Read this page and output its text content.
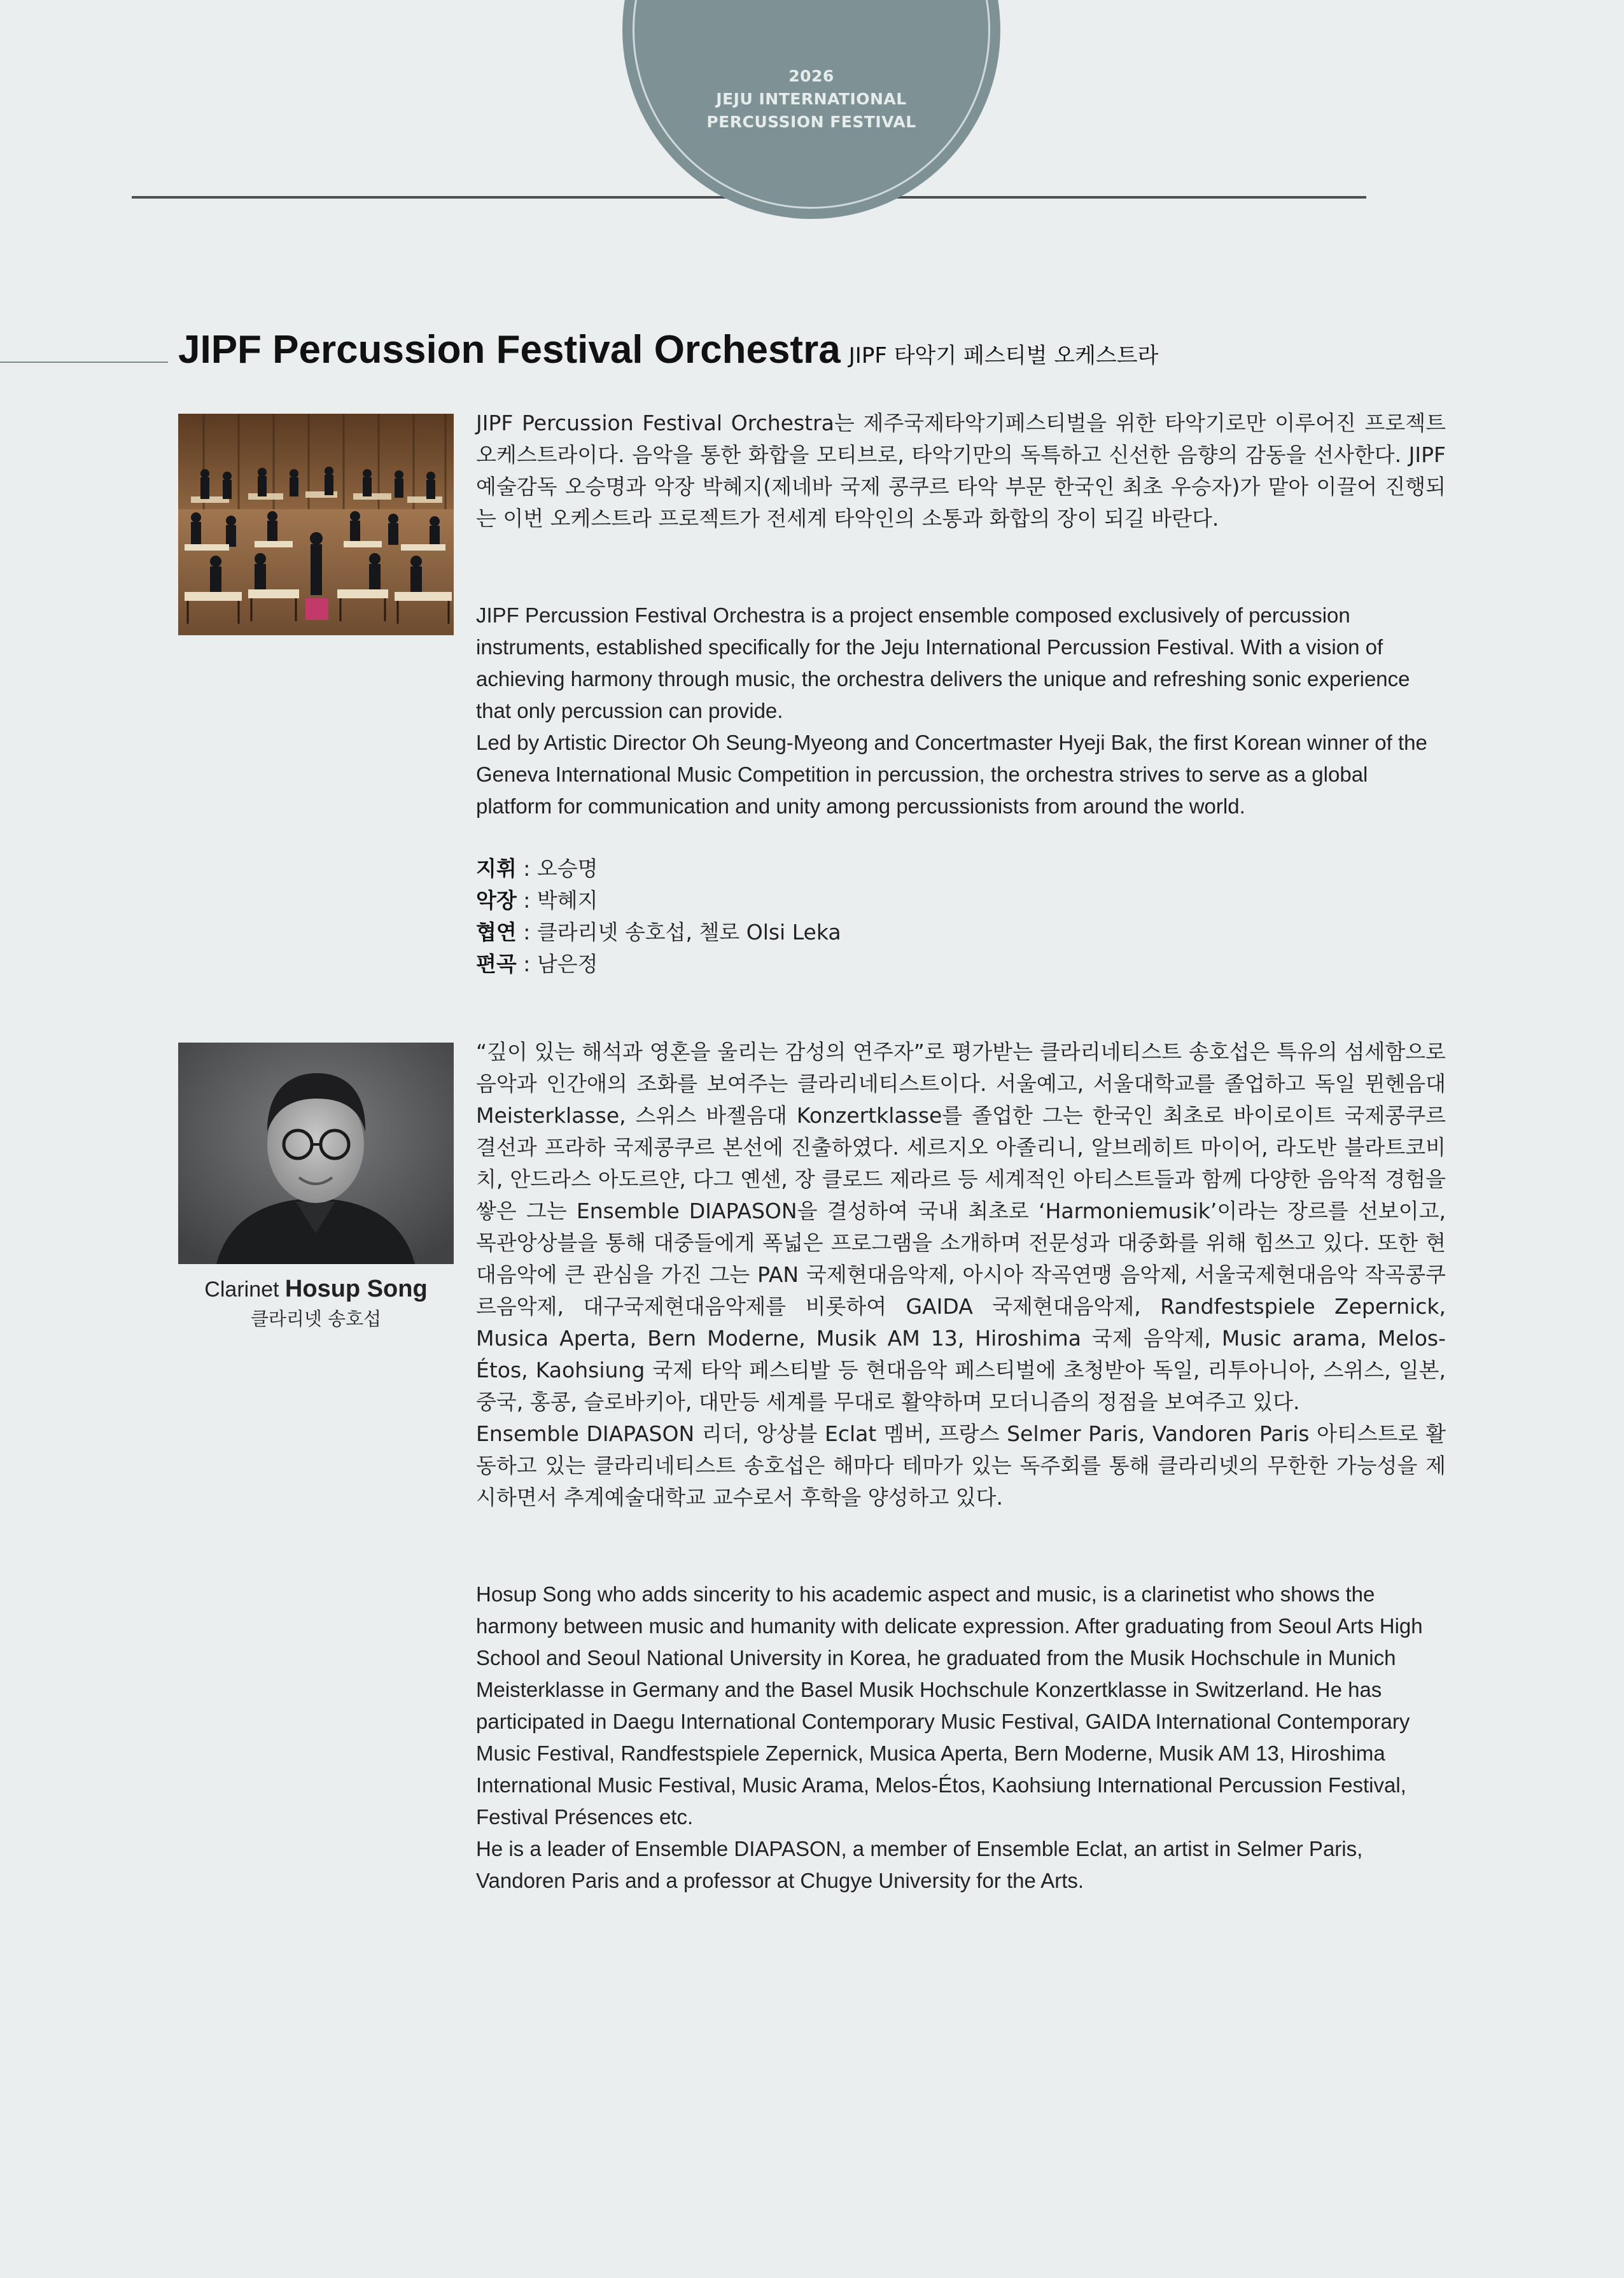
2026
JEJU INTERNATIONAL
PERCUSSION FESTIVAL
JIPF Percussion Festival Orchestra JIPF 타악기 페스티벌 오케스트라

JIPF Percussion Festival Orchestra는 제주국제타악기페스티벌을 위한 타악기로만 이루어진 프로젝트 오케스트라이다. 음악을 통한 화합을 모티브로, 타악기만의 독특하고 신선한 음향의 감동을 선사한다. JIPF 예술감독 오승명과 악장 박혜지(제네바 국제 콩쿠르 타악 부문 한국인 최초 우승자)가 맡아 이끌어 진행되는 이번 오케스트라 프로젝트가 전세계 타악인의 소통과 화합의 장이 되길 바란다.

JIPF Percussion Festival Orchestra is a project ensemble composed exclusively of percussion instruments, established specifically for the Jeju International Percussion Festival. With a vision of achieving harmony through music, the orchestra delivers the unique and refreshing sonic experience that only percussion can provide.

Led by Artistic Director Oh Seung-Myeong and Concertmaster Hyeji Bak, the first Korean winner of the Geneva International Music Competition in percussion, the orchestra strives to serve as a global platform for communication and unity among percussionists from around the world.

지휘 : 오승명
악장 : 박혜지
협연 : 클라리넷 송호섭, 첼로 Olsi Leka
편곡 : 남은정
Clarinet Hosup Song
클라리넷 송호섭

“깊이 있는 해석과 영혼을 울리는 감성의 연주자”로 평가받는 클라리네티스트 송호섭은 특유의 섬세함으로 음악과 인간애의 조화를 보여주는 클라리네티스트이다. 서울예고, 서울대학교를 졸업하고 독일 뮌헨음대 Meisterklasse, 스위스 바젤음대 Konzertklasse를 졸업한 그는 한국인 최초로 바이로이트 국제콩쿠르 결선과 프라하 국제콩쿠르 본선에 진출하였다. 세르지오 아졸리니, 알브레히트 마이어, 라도반 블라트코비치, 안드라스 아도르얀, 다그 옌센, 장 클로드 제라르 등 세계적인 아티스트들과 함께 다양한 음악적 경험을 쌓은 그는 Ensemble DIAPASON을 결성하여 국내 최초로 ‘Harmoniemusik’이라는 장르를 선보이고, 목관앙상블을 통해 대중들에게 폭넓은 프로그램을 소개하며 전문성과 대중화를 위해 힘쓰고 있다. 또한 현대음악에 큰 관심을 가진 그는 PAN 국제현대음악제, 아시아 작곡연맹 음악제, 서울국제현대음악 작곡콩쿠르음악제, 대구국제현대음악제를 비롯하여 GAIDA 국제현대음악제, Randfestspiele Zepernick, Musica Aperta, Bern Moderne, Musik AM 13, Hiroshima 국제 음악제, Music arama, Melos-Étos, Kaohsiung 국제 타악 페스티발 등 현대음악 페스티벌에 초청받아 독일, 리투아니아, 스위스, 일본, 중국, 홍콩, 슬로바키아, 대만등 세계를 무대로 활약하며 모더니즘의 정점을 보여주고 있다.

Ensemble DIAPASON 리더, 앙상블 Eclat 멤버, 프랑스 Selmer Paris, Vandoren Paris 아티스트로 활동하고 있는 클라리네티스트 송호섭은 해마다 테마가 있는 독주회를 통해 클라리넷의 무한한 가능성을 제시하면서 추계예술대학교 교수로서 후학을 양성하고 있다.

Hosup Song who adds sincerity to his academic aspect and music, is a clarinetist who shows the harmony between music and humanity with delicate expression. After graduating from Seoul Arts High School and Seoul National University in Korea, he graduated from the Musik Hochschule in Munich Meisterklasse in Germany and the Basel Musik Hochschule Konzertklasse in Switzerland. He has participated in Daegu International Contemporary Music Festival, GAIDA International Contemporary Music Festival, Randfestspiele Zepernick, Musica Aperta, Bern Moderne, Musik AM 13, Hiroshima International Music Festival, Music Arama, Melos-Étos, Kaohsiung International Percussion Festival, Festival Présences etc.

He is a leader of Ensemble DIAPASON, a member of Ensemble Eclat, an artist in Selmer Paris, Vandoren Paris and a professor at Chugye University for the Arts.
